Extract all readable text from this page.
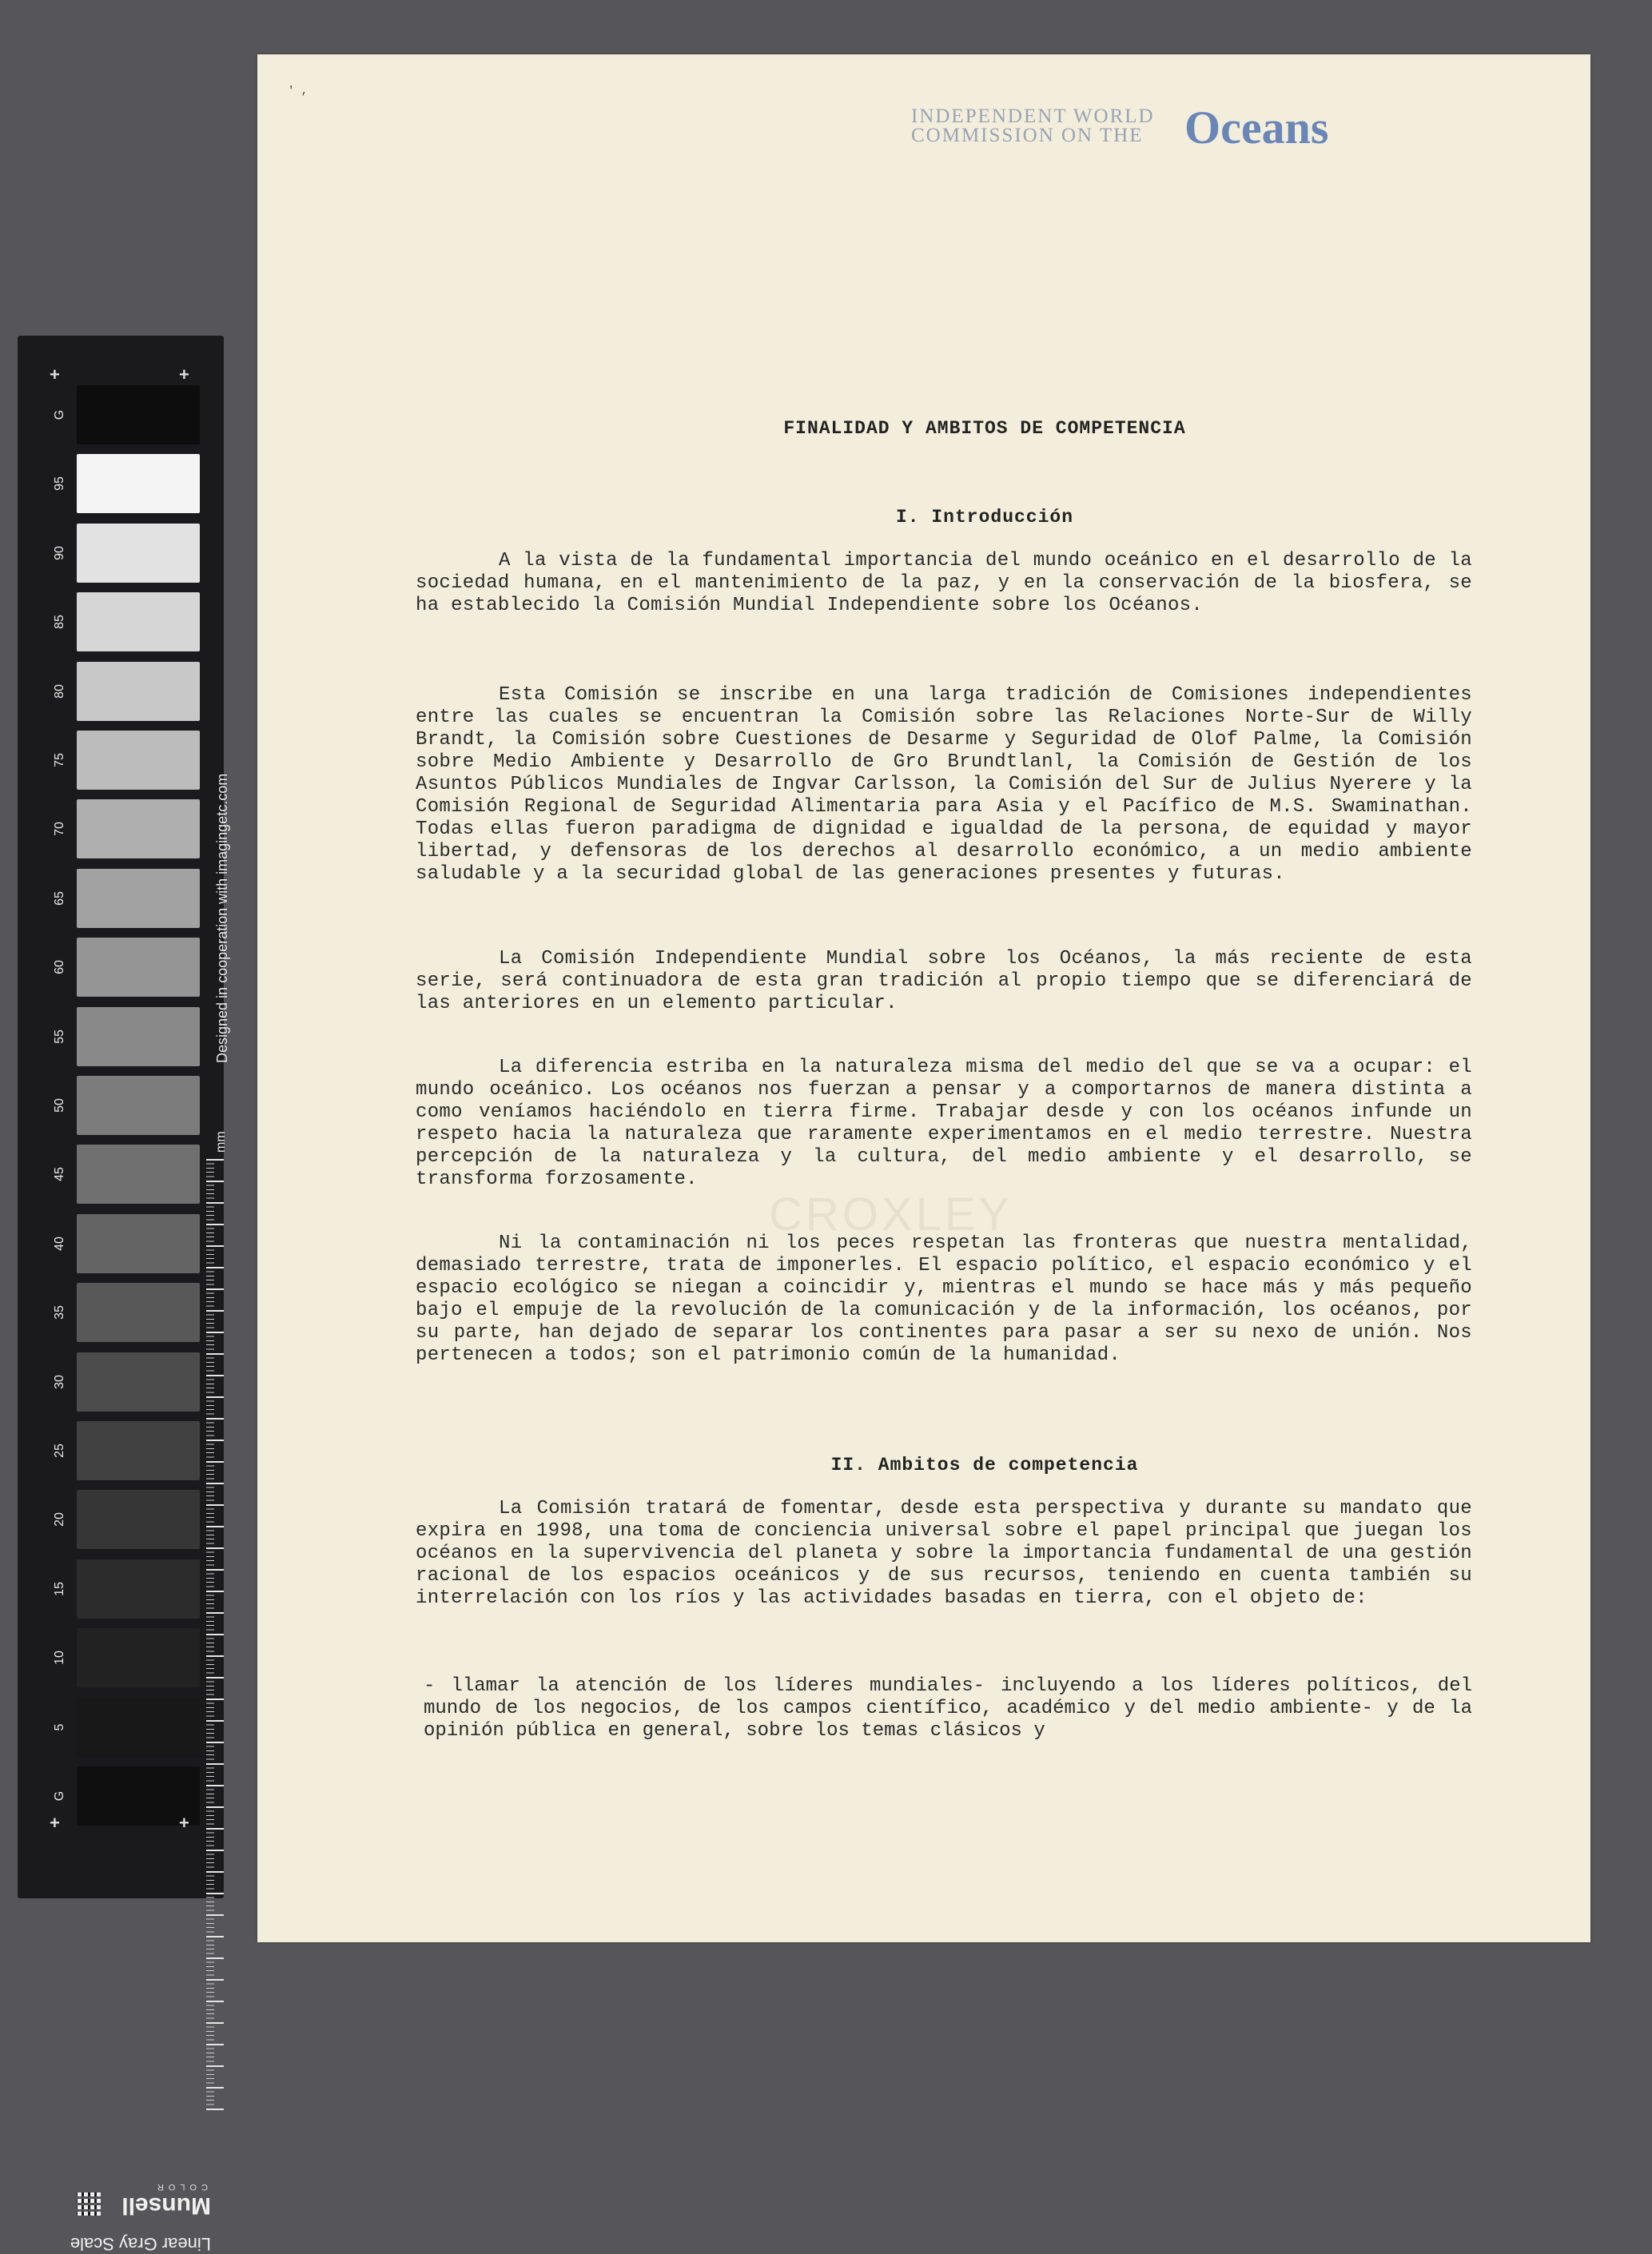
G
95
90
85
80
75
70
65
60
55
50
45
40
35
30
25
20
15
10
5
G
+	+
+	+
Designed in cooperation with imagingetc.com
mm
Linear Gray Scale
Munsell
COLOR
' ,
INDEPENDENT WORLD
COMMISSION ON THE Oceans
CROXLEY
FINALIDAD Y AMBITOS DE COMPETENCIA
I. Introducción

A la vista de la fundamental importancia del mundo oceánico en el desarrollo de la sociedad humana, en el mantenimiento de la paz, y en la conservación de la biosfera, se ha establecido la Comisión Mundial Independiente sobre los Océanos.

Esta Comisión se inscribe en una larga tradición de Comisiones independientes entre las cuales se encuentran la Comisión sobre las Relaciones Norte-Sur de Willy Brandt, la Comisión sobre Cuestiones de Desarme y Seguridad de Olof Palme, la Comisión sobre Medio Ambiente y Desarrollo de Gro Brundtlanl, la Comisión de Gestión de los Asuntos Públicos Mundiales de Ingvar Carlsson, la Comisión del Sur de Julius Nyerere y la Comisión Regional de Seguridad Alimentaria para Asia y el Pacífico de M.S. Swaminathan. Todas ellas fueron paradigma de dignidad e igualdad de la persona, de equidad y mayor libertad, y defensoras de los derechos al desarrollo económico, a un medio ambiente saludable y a la securidad global de las generaciones presentes y futuras.

La Comisión Independiente Mundial sobre los Océanos, la más reciente de esta serie, será continuadora de esta gran tradición al propio tiempo que se diferenciará de las anteriores en un elemento particular.

La diferencia estriba en la naturaleza misma del medio del que se va a ocupar: el mundo oceánico. Los océanos nos fuerzan a pensar y a comportarnos de manera distinta a como veníamos haciéndolo en tierra firme. Trabajar desde y con los océanos infunde un respeto hacia la naturaleza que raramente experimentamos en el medio terrestre. Nuestra percepción de la naturaleza y la cultura, del medio ambiente y el desarrollo, se transforma forzosamente.

Ni la contaminación ni los peces respetan las fronteras que nuestra mentalidad, demasiado terrestre, trata de imponerles. El espacio político, el espacio económico y el espacio ecológico se niegan a coincidir y, mientras el mundo se hace más y más pequeño bajo el empuje de la revolución de la comunicación y de la información, los océanos, por su parte, han dejado de separar los continentes para pasar a ser su nexo de unión. Nos pertenecen a todos; son el patrimonio común de la humanidad.

II. Ambitos de competencia

La Comisión tratará de fomentar, desde esta perspectiva y durante su mandato que expira en 1998, una toma de conciencia universal sobre el papel principal que juegan los océanos en la supervivencia del planeta y sobre la importancia fundamental de una gestión racional de los espacios oceánicos y de sus recursos, teniendo en cuenta también su interrelación con los ríos y las actividades basadas en tierra, con el objeto de:

- llamar la atención de los líderes mundiales- incluyendo a los líderes políticos, del mundo de los negocios, de los campos científico, académico y del medio ambiente- y de la opinión pública en general, sobre los temas clásicos y
